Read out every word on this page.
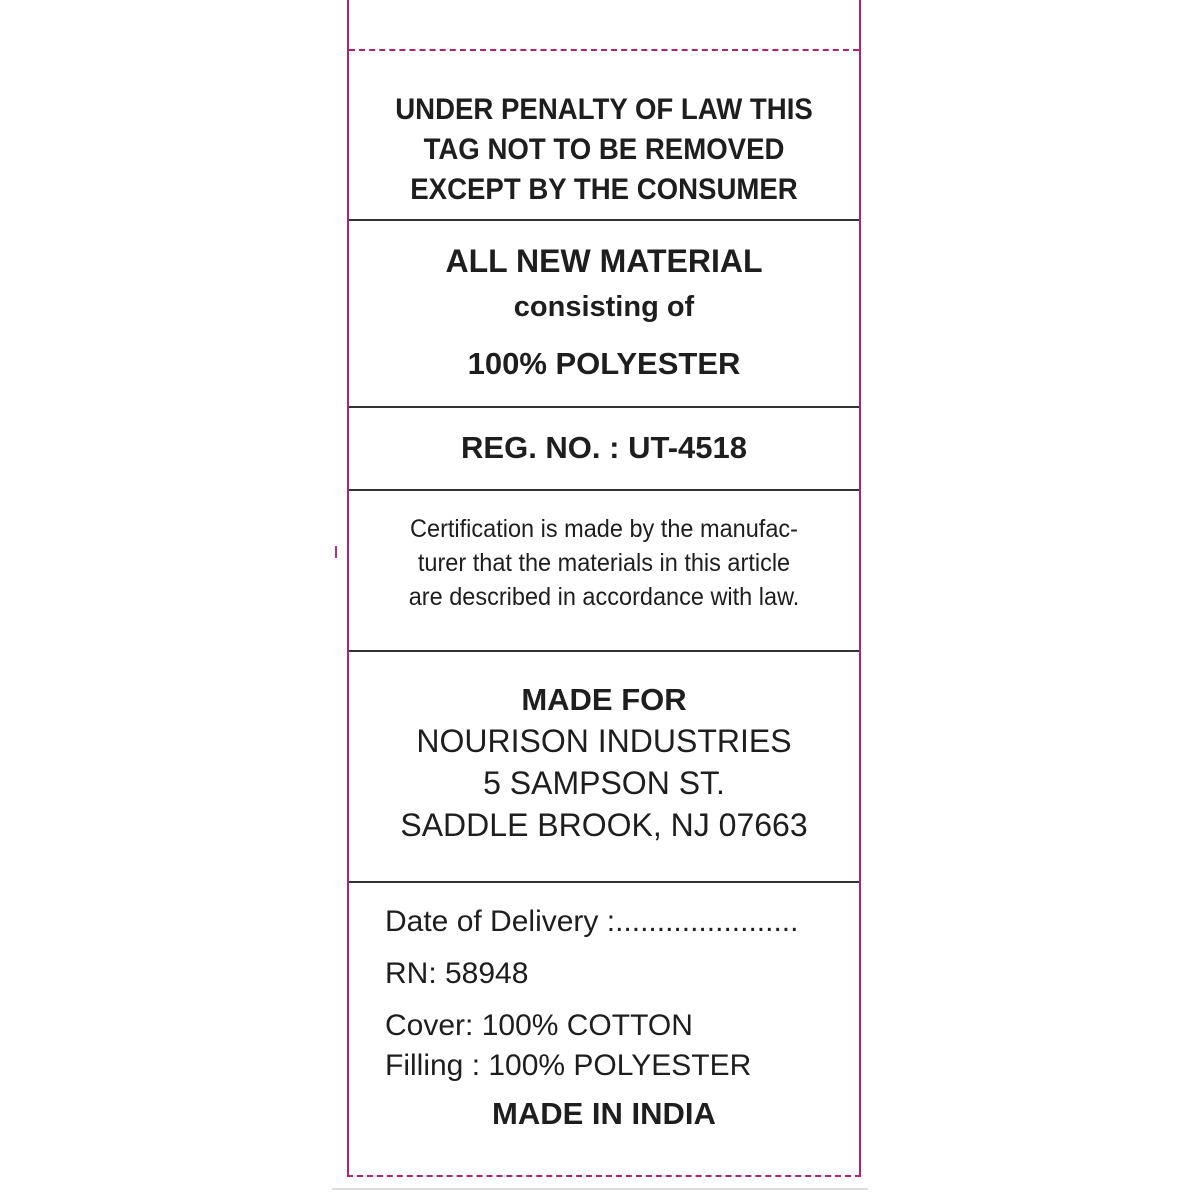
UNDER PENALTY OF LAW THIS
TAG NOT TO BE REMOVED
EXCEPT BY THE CONSUMER
ALL NEW MATERIAL
consisting of
100% POLYESTER
REG. NO. : UT-4518
Certification is made by the manufac-
turer that the materials in this article
are described in accordance with law.
MADE FOR
NOURISON INDUSTRIES
5 SAMPSON ST.
SADDLE BROOK, NJ 07663
Date of Delivery :......................
RN: 58948
Cover: 100% COTTON
Filling : 100% POLYESTER
MADE IN INDIA
